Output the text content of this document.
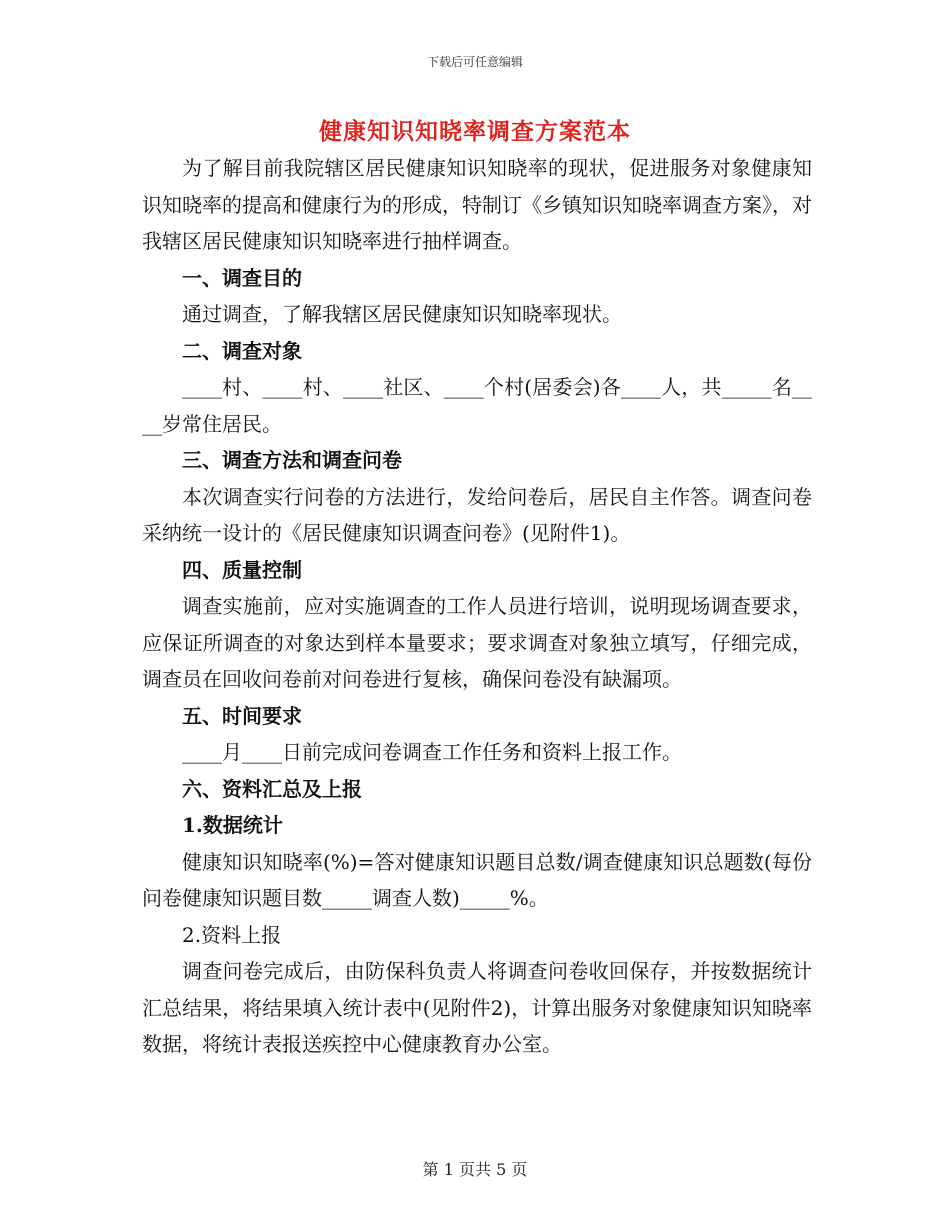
下载后可任意编辑
健康知识知晓率调查方案范本

为了解目前我院辖区居民健康知识知晓率的现状，促进服务对象健康知识知晓率的提高和健康行为的形成，特制订《乡镇知识知晓率调查方案》，对我辖区居民健康知识知晓率进行抽样调查。

一、调查目的

通过调查，了解我辖区居民健康知识知晓率现状。

二、调查对象

____村、____村、____社区、____个村(居委会)各____人，共_____名____岁常住居民。

三、调查方法和调查问卷

本次调查实行问卷的方法进行，发给问卷后，居民自主作答。调查问卷采纳统一设计的《居民健康知识调查问卷》(见附件1)。

四、质量控制

调查实施前，应对实施调查的工作人员进行培训，说明现场调查要求，应保证所调查的对象达到样本量要求；要求调查对象独立填写，仔细完成，调查员在回收问卷前对问卷进行复核，确保问卷没有缺漏项。

五、时间要求

____月____日前完成问卷调查工作任务和资料上报工作。

六、资料汇总及上报

1.数据统计

健康知识知晓率(%)=答对健康知识题目总数/调查健康知识总题数(每份问卷健康知识题目数_____调查人数)_____%。

2.资料上报

调查问卷完成后，由防保科负责人将调查问卷收回保存，并按数据统计汇总结果，将结果填入统计表中(见附件2)，计算出服务对象健康知识知晓率数据，将统计表报送疾控中心健康教育办公室。

第 1 页共 5 页
